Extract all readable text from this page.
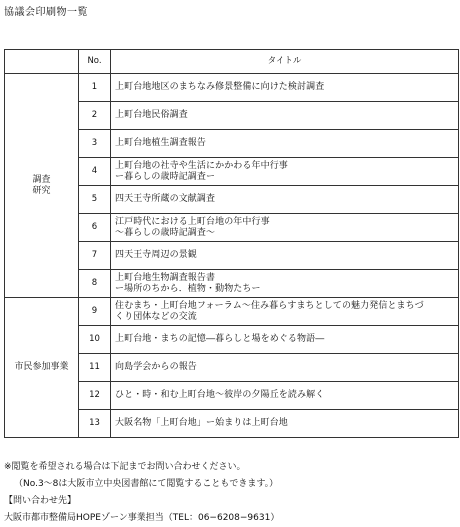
協議会印刷物一覧
	No.	タイトル

調査
研究	1	上町台地地区のまちなみ修景整備に向けた検討調査

	2	上町台地民俗調査

	3	上町台地植生調査報告

	4	上町台地の社寺や生活にかかわる年中行事
ー暮らしの歳時記調査ー

	5	四天王寺所蔵の文献調査

	6	江戸時代における上町台地の年中行事
〜暮らしの歳時記調査〜

	7	四天王寺周辺の景観

	8	上町台地生物調査報告書
ー場所のちから．植物・動物たちー

市民参加事業	9	住むまち・上町台地フォーラム〜住み暮らすまちとしての魅力発信とまちづ
くり団体などの交流

	10	上町台地・まちの記憶―暮らしと場をめぐる物語―

	11	向島学会からの報告

	12	ひと・時・和む上町台地〜彼岸の夕陽丘を読み解く

	13	大阪名物「上町台地」ー始まりは上町台地
※閲覧を希望される場合は下記までお問い合わせください。
（No.3〜8は大阪市立中央図書館にて閲覧することもできます。）
【問い合わせ先】
大阪市都市整備局HOPEゾーン事業担当（TEL：06−6208−9631）
